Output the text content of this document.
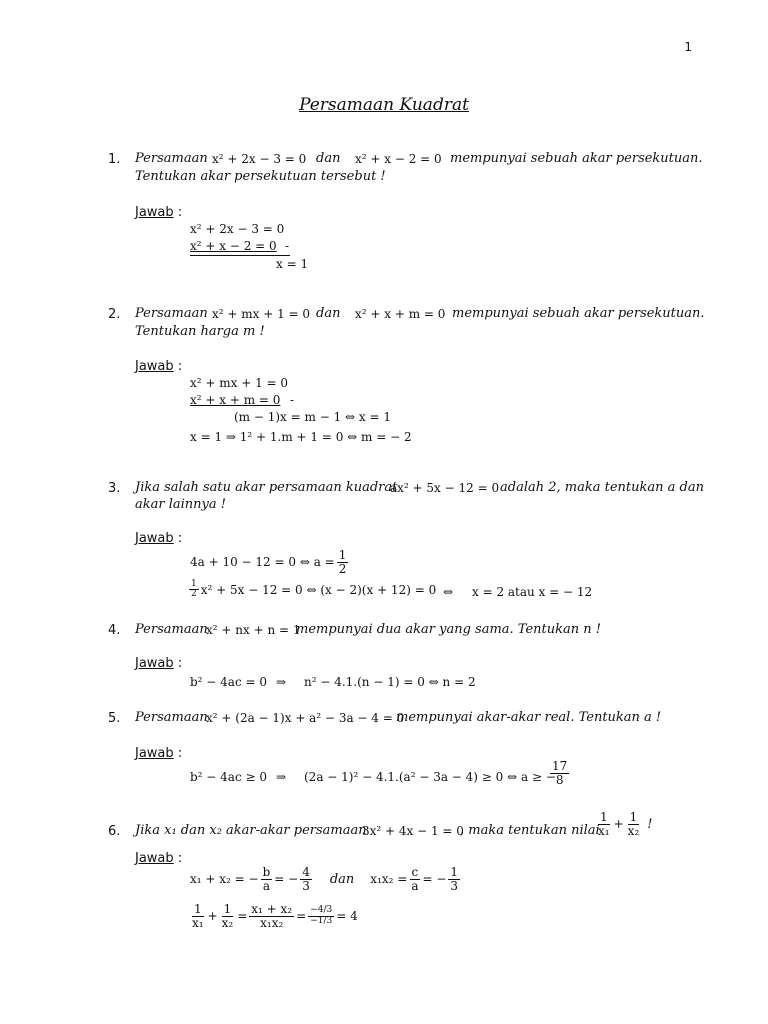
1
Persamaan Kuadrat
1. Persamaan x² + 2x − 3 = 0 dan x² + x − 2 = 0 mempunyai sebuah akar persekutuan.
Tentukan akar persekutuan tersebut !
Jawab :
x² + 2x − 3 = 0
x² + x − 2 = 0 -
x = 1
2. Persamaan x² + mx + 1 = 0 dan x² + x + m = 0 mempunyai sebuah akar persekutuan.
Tentukan harga m !
Jawab :
x² + mx + 1 = 0
x² + x + m = 0 -
(m − 1)x = m − 1 ⇔ x = 1
x = 1 ⇒ 1² + 1.m + 1 = 0 ⇔ m = − 2
3. Jika salah satu akar persamaan kuadrat
ax² + 5x − 12 = 0 adalah 2, maka tentukan a dan
akar lainnya !
Jawab :
4a + 10 − 12 = 0 ⇔ $a = \frac{1}{2}$
$\frac{1}{2} x^2 + 5x - 12 = 0$ ⇔ (x − 2)(x + 12) = 0 ⇔ x = 2 atau x = − 12
4. Persamaan
x² + nx + n = 1
mempunyai dua akar yang sama. Tentukan n !
Jawab :
b² − 4ac = 0 ⇒ n² − 4.1.(n − 1) = 0 ⇔ n = 2
5. Persamaan
x² + (2a − 1)x + a² − 3a − 4 = 0
mempunyai akar-akar real. Tentukan a !
Jawab :
b² − 4ac ≥ 0 ⇒ (2a − 1)² − 4.1.(a² − 3a − 4) ≥ 0 ⇔ a ≥ −
$\frac{17}{8}$
6. Jika x₁ dan x₂ akar-akar persamaan
3x² + 4x − 1 = 0
, maka tentukan nilai
$\frac{1}{\text{x₁}} + \frac{1}{\text{x₂}}$ !
Jawab :
x₁ + x₂ = − $\frac{b}{a}$ = − $\frac{4}{3}$ dan $x_1x_2 = \frac{c}{a}$ = − $\frac{1}{3}$
$\frac{1}{\text{x₁}} + \frac{1}{\text{x₂}} = \frac{\text{x₁ + x₂}}{\text{x₁x₂}} = \frac{-4/3}{-1/3} = 4$
